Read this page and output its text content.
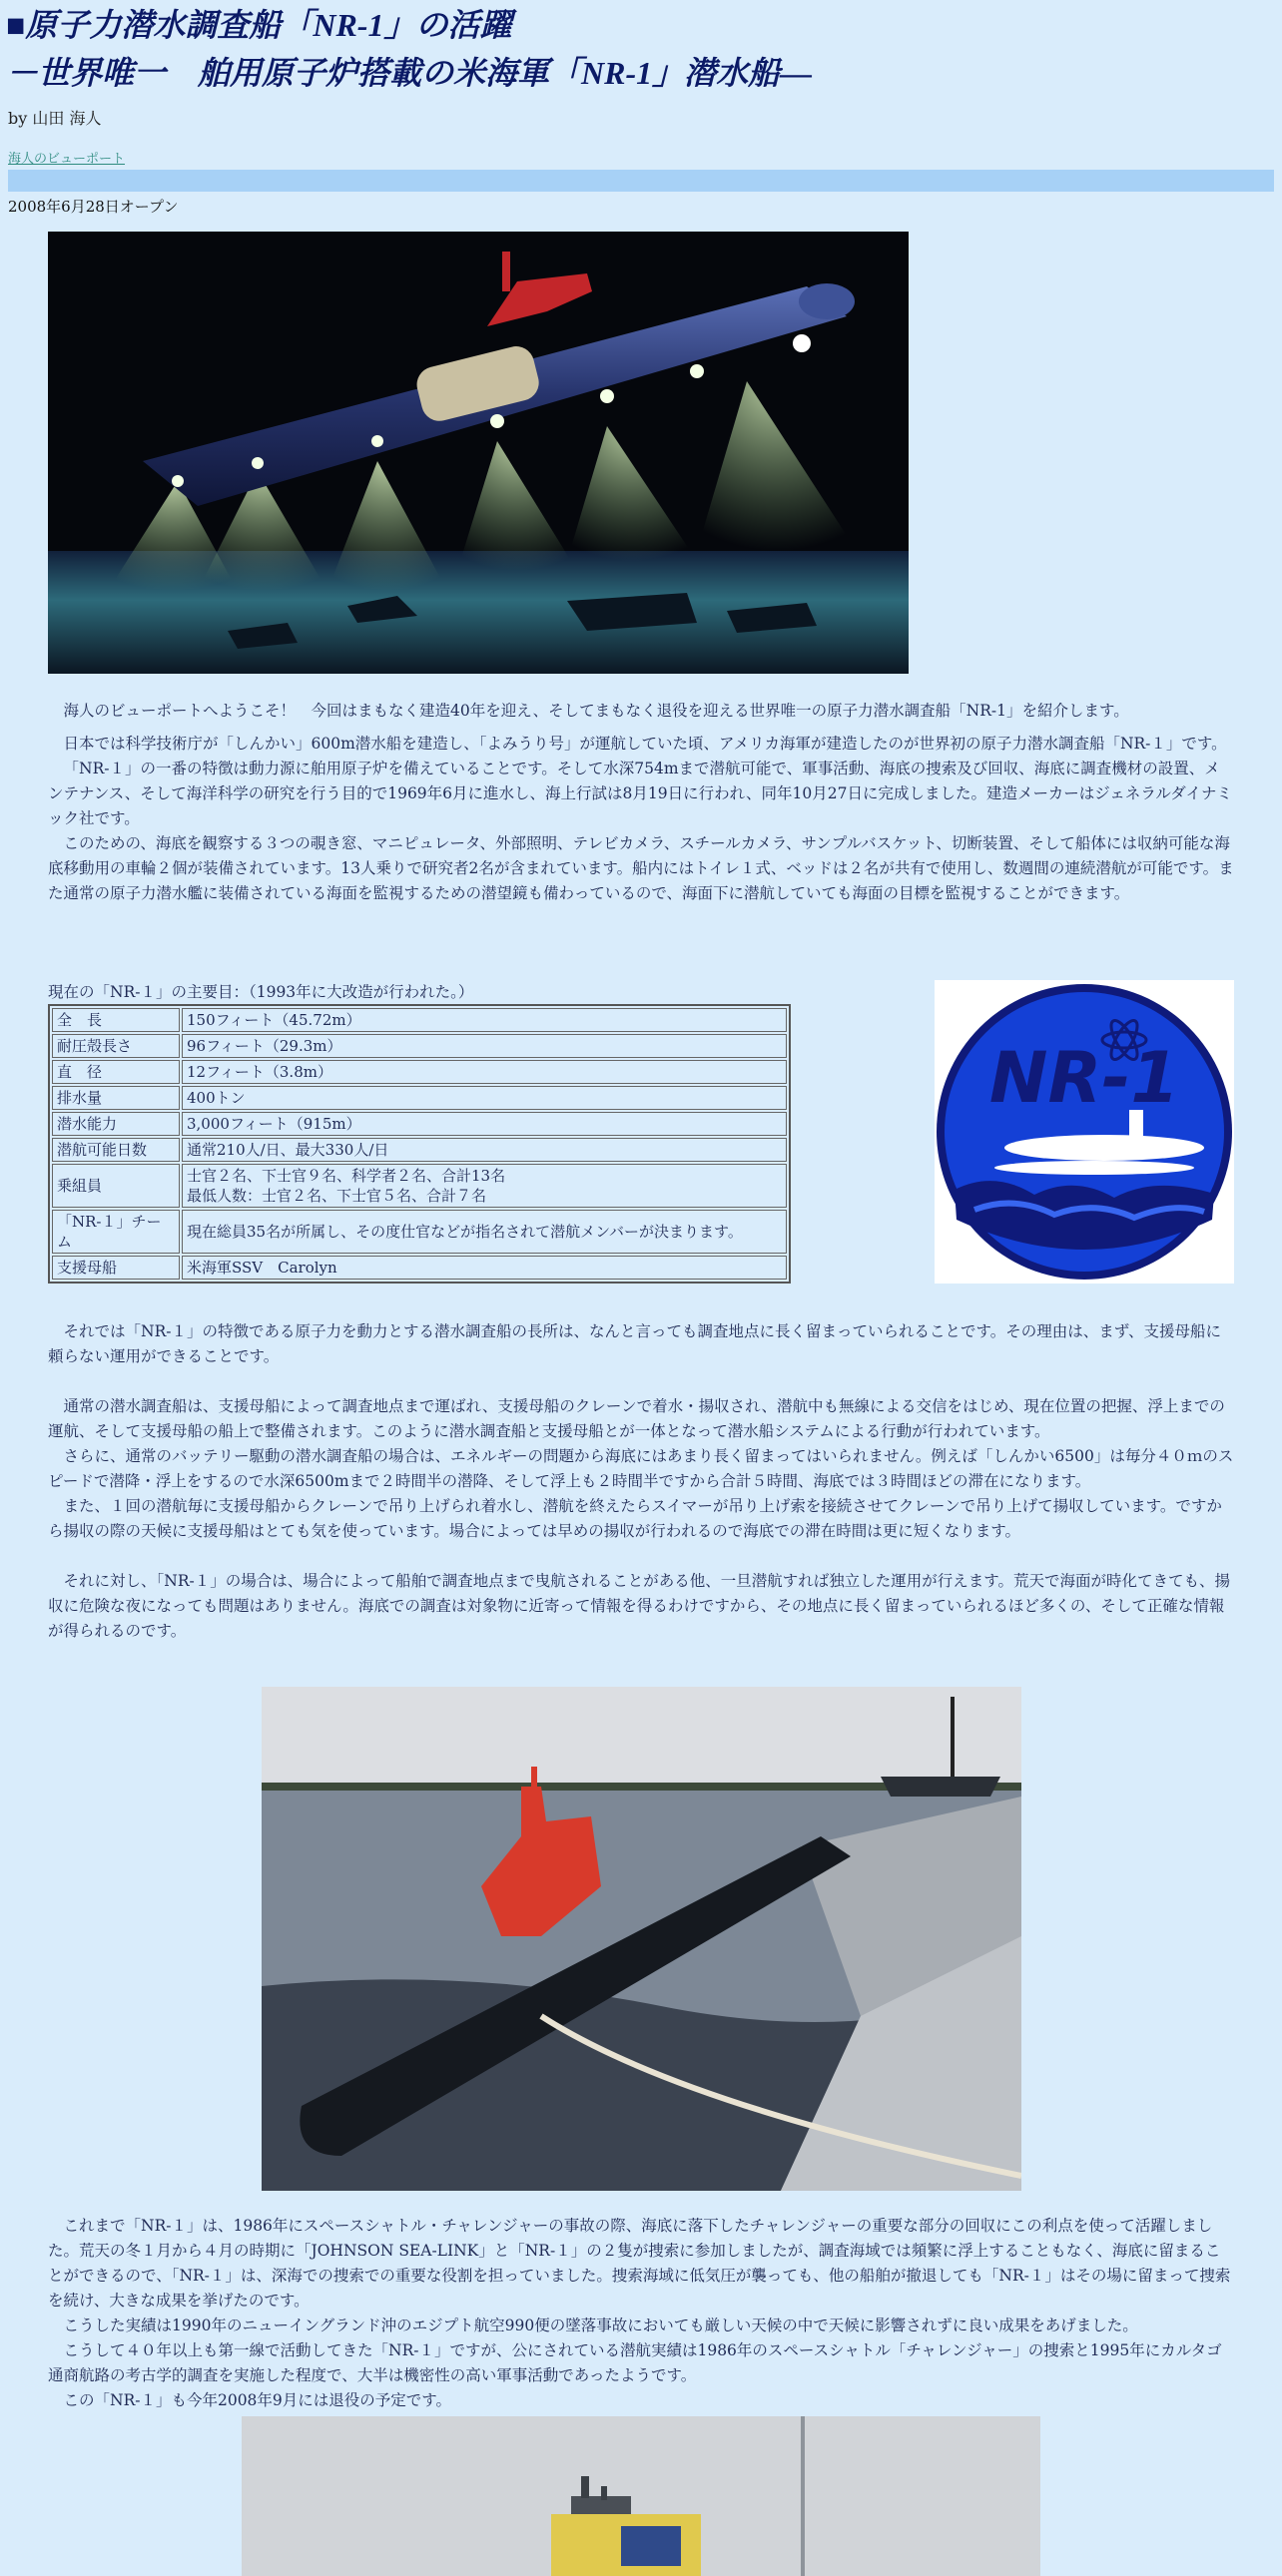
■原子力潜水調査船「NR-1」の活躍
－世界唯一　舶用原子炉搭載の米海軍「NR-1」潜水船―
by 山田 海人
海人のビューポート
2008年6月28日オープン

海人のビューポートへようこそ！　今回はまもなく建造40年を迎え、そしてまもなく退役を迎える世界唯一の原子力潜水調査船「NR-1」を紹介します。

日本では科学技術庁が「しんかい」600m潜水船を建造し、「よみうり号」が運航していた頃、アメリカ海軍が建造したのが世界初の原子力潜水調査船「NR-１」です。

「NR-１」の一番の特徴は動力源に舶用原子炉を備えていることです。そして水深754mまで潜航可能で、軍事活動、海底の捜索及び回収、海底に調査機材の設置、メンテナンス、そして海洋科学の研究を行う目的で1969年6月に進水し、海上行試は8月19日に行われ、同年10月27日に完成しました。建造メーカーはジェネラルダイナミック社です。

このための、海底を観察する３つの覗き窓、マニピュレータ、外部照明、テレビカメラ、スチールカメラ、サンプルバスケット、切断装置、そして船体には収納可能な海底移動用の車輪２個が装備されています。13人乗りで研究者2名が含まれています。船内にはトイレ１式、ベッドは２名が共有で使用し、数週間の連続潜航が可能です。また通常の原子力潜水艦に装備されている海面を監視するための潜望鏡も備わっているので、海面下に潜航していても海面の目標を監視することができます。

現在の「NR-１」の主要目：（1993年に大改造が行われた。）
全　長	150フィート（45.72m）
耐圧殻長さ	96フィート（29.3m）
直　径	12フィート（3.8m）
排水量	400トン
潜水能力	3,000フィート（915m）
潜航可能日数	通常210人/日、最大330人/日
乗組員	士官２名、下士官９名、科学者２名、合計13名
最低人数：士官２名、下士官５名、合計７名

「NR-１」チーム	現在総員35名が所属し、その度仕官などが指名されて潜航メンバーが決まります。
支援母船	米海軍SSV　Carolyn
NR-1

それでは「NR-１」の特徴である原子力を動力とする潜水調査船の長所は、なんと言っても調査地点に長く留まっていられることです。その理由は、まず、支援母船に頼らない運用ができることです。

通常の潜水調査船は、支援母船によって調査地点まで運ばれ、支援母船のクレーンで着水・揚収され、潜航中も無線による交信をはじめ、現在位置の把握、浮上までの運航、そして支援母船の船上で整備されます。このように潜水調査船と支援母船とが一体となって潜水船システムによる行動が行われています。

さらに、通常のバッテリー駆動の潜水調査船の場合は、エネルギーの問題から海底にはあまり長く留まってはいられません。例えば「しんかい6500」は毎分４０ｍのスピードで潜降・浮上をするので水深6500mまで２時間半の潜降、そして浮上も２時間半ですから合計５時間、海底では３時間ほどの滞在になります。

また、１回の潜航毎に支援母船からクレーンで吊り上げられ着水し、潜航を終えたらスイマーが吊り上げ索を接続させてクレーンで吊り上げて揚収しています。ですから揚収の際の天候に支援母船はとても気を使っています。場合によっては早めの揚収が行われるので海底での滞在時間は更に短くなります。

それに対し、「NR-１」の場合は、場合によって船舶で調査地点まで曳航されることがある他、一旦潜航すれば独立した運用が行えます。荒天で海面が時化てきても、揚収に危険な夜になっても問題はありません。海底での調査は対象物に近寄って情報を得るわけですから、その地点に長く留まっていられるほど多くの、そして正確な情報が得られるのです。

これまで「NR-１」は、1986年にスペースシャトル・チャレンジャーの事故の際、海底に落下したチャレンジャーの重要な部分の回収にこの利点を使って活躍しました。荒天の冬１月から４月の時期に「JOHNSON SEA-LINK」と「NR-１」の２隻が捜索に参加しましたが、調査海域では頻繁に浮上することもなく、海底に留まることができるので、「NR-１」は、深海での捜索での重要な役割を担っていました。捜索海域に低気圧が襲っても、他の船舶が撤退しても「NR-１」はその場に留まって捜索を続け、大きな成果を挙げたのです。

こうした実績は1990年のニューイングランド沖のエジプト航空990便の墜落事故においても厳しい天候の中で天候に影響されずに良い成果をあげました。

こうして４０年以上も第一線で活動してきた「NR-１」ですが、公にされている潜航実績は1986年のスペースシャトル「チャレンジャー」の捜索と1995年にカルタゴ通商航路の考古学的調査を実施した程度で、大半は機密性の高い軍事活動であったようです。

この「NR-１」も今年2008年9月には退役の予定です。
